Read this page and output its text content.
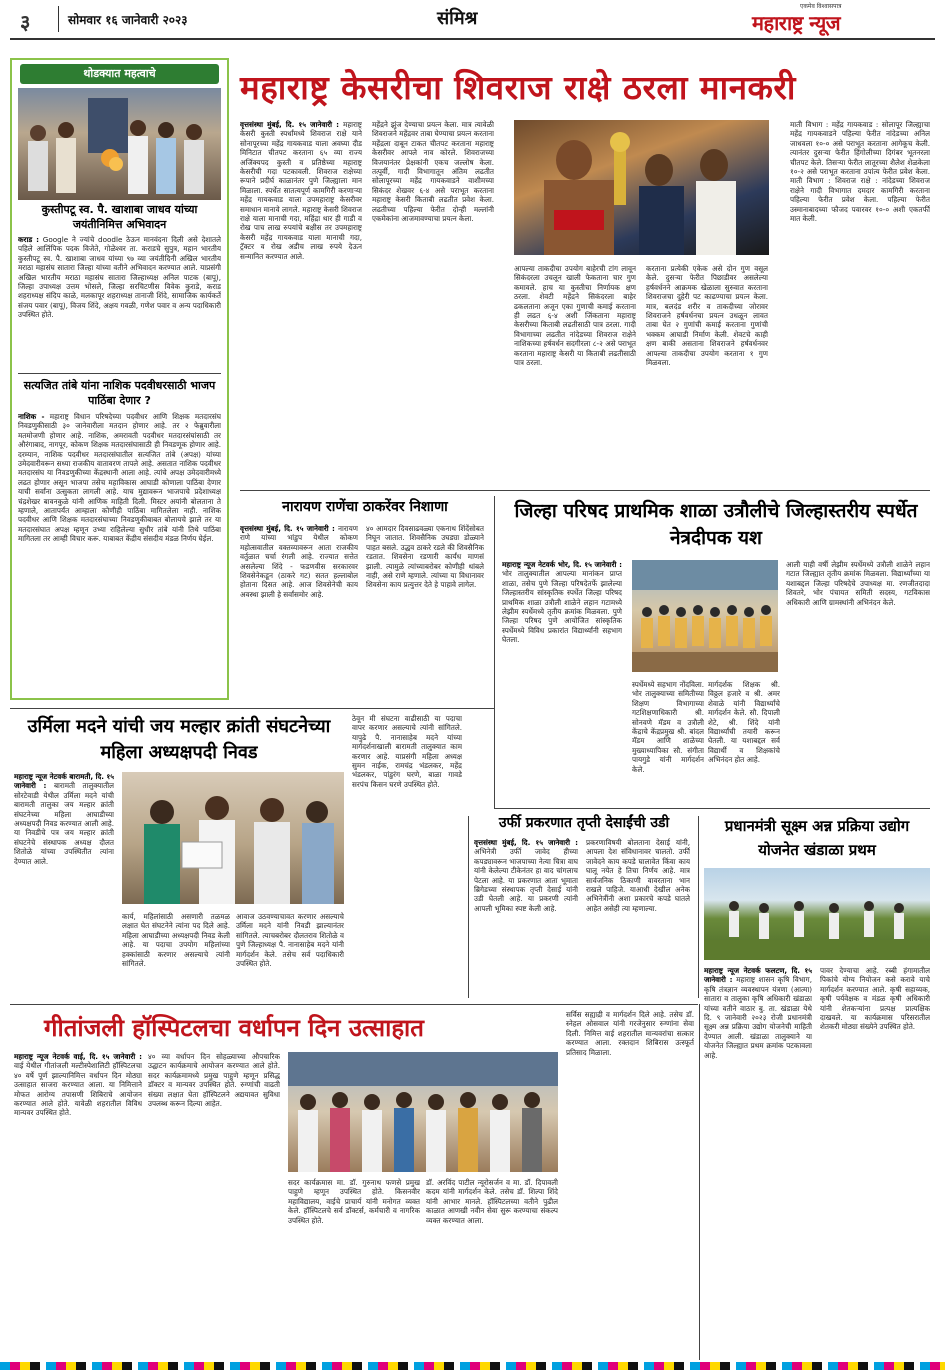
३	सोमवार १६ जानेवारी २०२३	संमिश्र
एकमेव विश्वासपात्र
महाराष्ट्र न्यूज
थोडक्यात महत्वाचे
कुस्तीपटू स्व. पै. खाशाबा जाधव यांच्या जयंतीनिमित्त अभिवादन
कराड : Google ने ज्यांचे doodle ठेऊन मानवंदना दिली असे देशातले पहिले आलिंपिक पदक विजेते, गोळेश्वर ता. कराडचे सुपुत्र, महान भारतीय कुस्तीपटू स्व. पै. खाशाबा जाधव यांच्या ९७ व्या जयंतीदिनी अखिल भारतीय मराठा महासंघ सातारा जिल्हा यांच्या वतीने अभिवादन करण्यात आले. याप्रसंगी अखिल भारतीय मराठा महासंघ सातारा जिल्हाध्यक्ष अनिल पाटक (बापू), जिल्हा उपाध्यक्ष उत्तम भोसले, जिल्हा सरचिटणीस विवेक कुराडे, कराड शहराध्यक्ष संदिप काळे, मलकापूर शहराध्यक्ष तानाजी शिंदे, सामाजिक कार्यकर्ते संजय पवार (बापू), विजय शिंदे, अक्षय गवळी, गणेश पवार व अन्य पदाधिकारी उपस्थित होते.
सत्यजित तांबे यांना नाशिक पदवीधरसाठी भाजप पाठिंबा देणार ?
नाशिक - महाराष्ट्र विधान परिषदेच्या पदवीधर आणि शिक्षक मतदारसंघ निवडणुकीसाठी ३० जानेवारीला मतदान होणार आहे. तर २ फेब्रुवारीला मतमोजणी होणार आहे. नाशिक, अमरावती पदवीधर मतदारसंघांसाठी तर औरंगाबाद, नागपूर, कोकण शिक्षक मतदारसंघासाठी ही निवडणूक होणार आहे. दरम्यान, नाशिक पदवीधर मतदारसंघातील सत्यजित तांबे (अपक्ष) यांच्या उमेदवारीवरून सध्या राजकीय वातावरण तापले आहे. असतात नाशिक पदवीधर मतदारसंघ या निवडणुकीच्या केंद्रस्थानी आला आहे. त्यांचे अपक्ष उमेदवारीमध्ये लढत होणार असून भाजपा तसेच महाविकास आघाडी कोणाला पाठिंबा देणार याची सर्वांना उत्सुकता लागली आहे. याच मुद्यावरून भाजपाचे प्रदेशाध्यक्ष चंद्रशेखर बावनकुळे यांनी आणिक माहिती दिली. मिस्टर अयांनी बोलताना ते म्हणाले, आतापर्यंत आम्हाला कोणीही पाठिंबा मागितलेला नाही. नाशिक पदवीधर आणि शिक्षक मतदारसंघाच्या निवडणुकीबाबत बोलायचे झाले तर या मतदारसंघात अपक्ष म्हणून उभ्या राहिलेल्या सुधीर तांबे यांनी तिथे पाठिंबा मागितला तर आम्ही विचार करू. याबाबत केंद्रीय संसदीय मंडळ निर्णय घेईल.
महाराष्ट्र केसरीचा शिवराज राक्षे ठरला मानकरी
वृत्तसंस्था मुंबई, दि. १५ जानेवारी : महाराष्ट्र केसरी कुस्ती स्पर्धांमध्ये शिवराज राक्षे याने सोनापूरच्या महेंद्र गायकवाड याला अवघ्या दीड मिनिटात चीतपट करताना ६५ व्या राज्य अजिंक्यपद कुस्ती व प्रतिष्ठेच्या महाराष्ट्र केसरीची गदा पटकावली. शिवराज राक्षेच्या रूपाने प्रदीर्घ काळानंतर पुणे जिल्ह्याला मान मिळाला. स्पर्धेत सातत्यपूर्ण कामगिरी करणाऱ्या महेंद्र गायकवाड याला उपमहाराष्ट्र केसरीवर समाधान मानावे लागले. महाराष्ट्र केसरी शिवराज राक्षे याला मानाची गदा, महिंद्रा थार ही गाडी व रोख पाच लाख रुपयांचे बक्षीस तर उपमहाराष्ट्र केसरी महेंद्र गायकवाड याला मानाची गदा, ट्रॅक्टर व रोख अडीच लाख रुपये देऊन सन्मानित करण्यात आले.
महेंद्रने झुंज देण्याचा प्रयत्न केला. मात्र त्यावेळी शिवराजने महेंद्रवर ताबा घेण्याचा प्रयत्न करताना महेंद्रला दाबून टाकत चीतपट करताना महाराष्ट्र केसरीवर आपले नाव कोरले. शिवराजच्या विजयानंतर प्रेक्षकांनी एकच जल्लोष केला. तत्पूर्वी, गादी विभागातून अंतिम लढतीत सोलापूरच्या महेंद्र गायकवाडने वाशीमच्या सिकंदर शेखवर ६-४ असे पराभूत करताना महाराष्ट्र केसरी किताबी लढतीत प्रवेश केला. लढतीच्या पहिल्या फेरीत दोन्ही मल्लांनी एकमेकांना आजमावण्याचा प्रयत्न केला.
आपल्या ताकदीचा उपयोग बाहेरची टांग लावून सिकंदरला उचलून खाली फेकताना चार गुण कमावले. हाच या कुस्तीचा निर्णायक क्षण ठरला. शेवटी महेंद्रने सिकंदरला बाहेर ढकलताना अजून एका गुणाची कमाई करताना ही लढत ६-४ अशी जिंकताना महाराष्ट्र केसरीच्या किताबी लढतीसाठी पात्र ठरला. गादी विभागाच्या लढतीत नांदेडच्या शिवराज राक्षेने नाशिकच्या हर्षवर्धन सदगीरला ८-२ असे पराभूत करताना महाराष्ट्र केसरी या किताबी लढतीसाठी पात्र ठरला.
करताना प्रत्येकी एकेक असे दोन गुण वसूल केले. दुसऱ्या फेरीत पिछाडीवर असलेल्या हर्षवर्धनने आक्रमक खेळाला सुरुवात करताना शिवराजचा दुहेरी पट काढण्याचा प्रयत्न केला. मात्र, बलदंड शरीर व ताकदीच्या जोरावर शिवराजने हर्षवर्धनचा प्रयत्न उधळून लावत ताबा घेत २ गुणांची कमाई करताना गुणांची भक्कम आघाडी निर्माण केली. शेवटचे काही क्षण बाकी असताना शिवराजने हर्षवर्धनवर आपल्या ताकदीचा उपयोग करताना १ गुण मिळवला.
माती विभाग : महेंद्र गायकवाड : सोलापूर जिल्ह्याचा महेंद्र गायकवाडने पहिल्या फेरीत नांदेडच्या अनिल जाधवला १०-० असे पराभूत करताना आगेकूच केली. त्यानंतर दुसऱ्या फेरीत हिंगोलीच्या दिगंबर भूतनरला चीतपट केले. तिसऱ्या फेरीत लातूरच्या शैलेश शेळकेला १०-२ असे पराभूत करताना उपांत्य फेरीत प्रवेश केला. माती विभाग : शिवराज राक्षे : नांदेडच्या शिवराज राक्षेने गादी विभागात दमदार कामगिरी करताना पहिल्या फेरीत प्रवेश केला. पहिल्या फेरीत उस्मानाबादच्या फौजद पवारवर १०-० अशी एकतर्फी मात केली.
नारायण राणेंचा ठाकरेंवर निशाणा
वृत्तसंस्था मुंबई, दि. १५ जानेवारी : नारायण राणे यांच्या भांडुप येथील कोकण महोत्सवातील वक्तव्यावरून आता राजकीय वर्तुळात चर्चा रंगली आहे. राज्यात सत्तेत असलेल्या शिंदे - फडणवीस सरकारवर शिवसेनेकडून (ठाकरे गट) सतत हल्लाबोल होताना दिसत आहे. आज शिवसेनेची काय अवस्था झाली हे सर्वांसमोर आहे.
४० आमदार दिवसाढवळ्या एकनाथ शिंदेंसोबत निघून जातात. शिवसैनिक उघड्या डोळ्याने पाहत बसले. उद्धव ठाकरे रडले की शिवसैनिक रडतात. शिवसेना रडणारी कार्यंध माणसं झाली. त्यामुळे त्यांच्याबरोबर कोणीही थांबले नाही, असे राणे म्हणाले. त्यांच्या या विधानावर शिवसेना काय प्रत्युत्तर देते हे पाहावे लागेल.
जिल्हा परिषद प्राथमिक शाळा उत्रौलीचे जिल्हास्तरीय स्पर्धेत नेत्रदीपक यश
महाराष्ट्र न्यूज नेटवर्क भोर, दि. १५ जानेवारी : भोर तालुक्यातील आपल्या मानांकन प्राप्त शाळा, तसेच पुणे जिल्हा परिषदेतर्फे झालेल्या जिल्हास्तरीय सांस्कृतिक स्पर्धेत जिल्हा परिषद प्राथमिक शाळा उत्रौली शाळेने लहान गटामध्ये लेझीम स्पर्धेमध्ये तृतीय क्रमांक मिळवला. पुणे जिल्हा परिषद पुणे आयोजित सांस्कृतिक स्पर्धेमध्ये विविध प्रकारांत विद्यार्थ्यांनी सहभाग घेतला.
आली याही वर्षी लेझीम स्पर्धेमध्ये उत्रौली शाळेने लहान गटात जिल्ह्यात तृतीय क्रमांक मिळवला. विद्यार्थ्यांच्या या यशाबद्दल जिल्हा परिषदेचे उपाध्यक्ष मा. रणजीतदादा शिवतरे, भोर पंचायत समिती सदस्य, गटविकास अधिकारी आणि ग्रामस्थांनी अभिनंदन केले.
स्पर्धेमध्ये सहभाग नोंदविला. भोर तालुक्याच्या समितीच्या शिक्षण विभागाच्या गटशिक्षणाधिकारी श्री. सोनवणे मॅडम व उत्रौली केंद्राचे केंद्रप्रमुख श्री. बांदल मॅडम आणि शाळेच्या मुख्याध्यापिका सौ. संगीता पायगुडे यांनी मार्गदर्शन केले.
मार्गदर्शक शिक्षक श्री. विठ्ठल हजारे व श्री. अमर शेवाळे यांनी विद्यार्थ्यांचे मार्गदर्शन केले. सौ. दिपाली शेटे, श्री. शिंदे यांनी विद्यार्थ्यांची तयारी करून घेतली. या यशाबद्दल सर्व विद्यार्थी व शिक्षकांचे अभिनंदन होत आहे.
उर्मिला मदने यांची जय मल्हार क्रांती संघटनेच्या महिला अध्यक्षपदी निवड
महाराष्ट्र न्यूज नेटवर्क बारामती, दि. १५ जानेवारी : बारामती तालुक्यातील सोरटेवाडी येथील उर्मिला मदने यांची बारामती तालुका जय मल्हार क्रांती संघटनेच्या महिला आघाडीच्या अध्यक्षपदी निवड करण्यात आली आहे. या निवडीचे पत्र जय मल्हार क्रांती संघटनेचे संस्थापक अध्यक्ष दौलत शितोळे यांच्या उपस्थितीत त्यांना देण्यात आले.
कार्य, महिलांसाठी असणारी तळमळ लक्षात घेत संघटनेने त्यांना पद दिले आहे. महिला आघाडीच्या अध्यक्षपदी निवड केली आहे. या पदाचा उपयोग महिलांच्या हक्कांसाठी करणार असल्याचे त्यांनी सांगितले.
आवाज उठवण्याचावत करणार असल्याचे उर्मिला मदने यांनी निवडी झाल्यानंतर सांगितले. त्याचबरोबर दौलतराव शितोळे व पुणे जिल्हाध्यक्ष पै. नानासाहेब मदने यांनी मार्गदर्शन केले. तसेच सर्व पदाधिकारी उपस्थित होते.
ठेवून मी संघटना वाढीसाठी या पदाचा वापर करणार असल्याचे त्यांनी सांगितले. यापुढे पै. नानासाहेब मदने यांच्या मार्गदर्शनाखाली बारामती तालुक्यात काम करणार आहे. याप्रसंगी महिला अध्यक्ष सुमन नाईक, रामचंद्र भंडलकर, महेंद्र भंडलकर, पांडुरंग घरणे, बाळा गावडे सरपंच किसन घरणे उपस्थित होते.
उर्फी प्रकरणात तृप्ती देसाईंची उडी
वृत्तसंस्था मुंबई, दि. १५ जानेवारी : अभिनेत्री उर्फी जावेद हीच्या कपड्यावरून भाजपाच्या नेत्या चित्रा वाघ यांनी केलेल्या टीकेनंतर हा वाद चांगलाच पेटला आहे. या प्रकरणात आता भूमाता ब्रिगेडच्या संस्थापक तृप्ती देसाई यांनी उडी घेतली आहे. या प्रकरणी त्यांनी आपली भूमिका स्पष्ट केली आहे.
प्रकरणाविषयी बोलताना देसाई यांनी, आपला देश संविधानावर चालतो. उर्फी जावेदने काय कपडे घालावेत किंवा काय घालू नयेत हे तिचा निर्णय आहे. मात्र सार्वजनिक ठिकाणी वावरताना भान राखले पाहिजे. याआधी देखील अनेक अभिनेत्रींनी अशा प्रकारचे कपडे घातले आहेत असेही त्या म्हणाल्या.
प्रधानमंत्री सूक्ष्म अन्न प्रक्रिया उद्योग योजनेत खंडाळा प्रथम
महाराष्ट्र न्यूज नेटवर्क फलटण, दि. १५ जानेवारी : महाराष्ट्र शासन कृषि विभाग, कृषि तंत्रज्ञान व्यवस्थापन यंत्रणा (आत्मा) सातारा व तालुका कृषि अधिकारी खंडाळा यांच्या वतीने वाठार बु. ता. खंडाळा येथे दि. ९ जानेवारी २०२३ रोजी प्रधानमंत्री सूक्ष्म अन्न प्रक्रिया उद्योग योजनेची माहिती देण्यात आली. खंडाळा तालुक्याने या योजनेत जिल्ह्यात प्रथम क्रमांक पटकावला आहे.
पावर देण्याचा आहे. रब्बी हंगामातील पिकांचे योग्य नियोजन कसे करावे याचे मार्गदर्शन करण्यात आले. कृषी सहाय्यक, कृषी पर्यवेक्षक व मंडळ कृषी अधिकारी यांनी शेतकऱ्यांना प्रत्यक्ष प्रात्यक्षिक दाखवले. या कार्यक्रमास परिसरातील शेतकरी मोठ्या संख्येने उपस्थित होते.
गीतांजली हॉस्पिटलचा वर्धापन दिन उत्साहात
महाराष्ट्र न्यूज नेटवर्क वाई, दि. १५ जानेवारी : वाई येथील गीतांजली मल्टीस्पेशालिटी हॉस्पिटलचा ४० वर्षे पूर्ण झाल्यानिमित्त वर्धापन दिन मोठ्या उत्साहात साजरा करण्यात आला. या निमित्ताने मोफत आरोग्य तपासणी शिबिराचे आयोजन करण्यात आले होते. यावेळी शहरातील विविध मान्यवर उपस्थित होते.
४० व्या वर्धापन दिन सोहळ्याच्या औपचारिक उद्घाटन कार्यक्रमाचे आयोजन करण्यात आले होते. सदर कार्यक्रमामध्ये प्रमुख पाहुणे म्हणून प्रसिद्ध डॉक्टर व मान्यवर उपस्थित होते. रुग्णांची वाढती संख्या लक्षात घेता हॉस्पिटलने अद्ययावत सुविधा उपलब्ध करून दिल्या आहेत.
सदर कार्यक्रमास मा. डॉ. गुरुनाथ फणसे प्रमुख पाहुणे म्हणून उपस्थित होते. किसनवीर महाविद्यालय, वाईचे प्राचार्य यांनी मनोगत व्यक्त केले. हॉस्पिटलचे सर्व डॉक्टर्स, कर्मचारी व नागरिक उपस्थित होते.
डॉ. अरविंद पाटील न्यूरोसर्जन व मा. डॉ. दिपावली कदम यांनी मार्गदर्शन केले. तसेच डॉ. शिल्पा शिंदे यांनी आभार मानले. हॉस्पिटलच्या वतीने पुढील काळात आणखी नवीन सेवा सुरू करण्याचा संकल्प व्यक्त करण्यात आला.
सर्विस सह्याद्री व मार्गदर्शन दिले आहे. तसेच डॉ. स्नेहल ओसवाल यांनी गरजेनुसार रुग्णांना सेवा दिली. निमित्त वाई शहरातील मान्यवरांचा सत्कार करण्यात आला. रक्तदान शिबिरास उत्स्फूर्त प्रतिसाद मिळाला.
